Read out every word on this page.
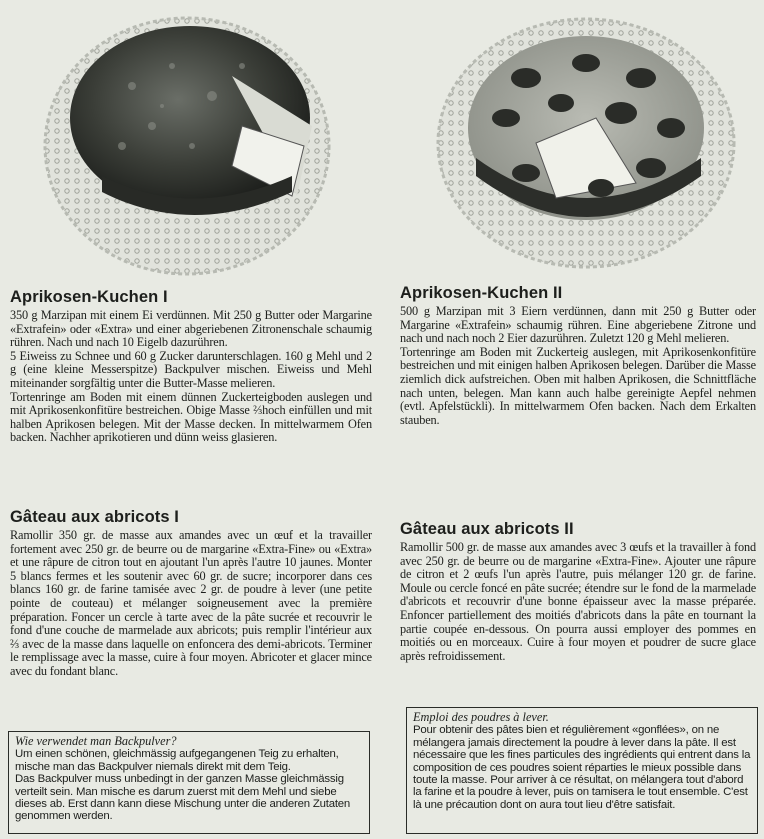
Aprikosen-Kuchen I

350 g Marzipan mit einem Ei verdünnen. Mit 250 g Butter oder Margarine «Extrafein» oder «Extra» und einer abgeriebenen Zitronenschale schaumig rühren. Nach und nach 10 Eigelb dazurühren.

5 Eiweiss zu Schnee und 60 g Zucker darunterschlagen. 160 g Mehl und 2 g (eine kleine Messerspitze) Backpulver mischen. Eiweiss und Mehl miteinander sorgfältig unter die Butter-Masse melieren.

Tortenringe am Boden mit einem dünnen Zuckerteigboden auslegen und mit Aprikosenkonfitüre bestreichen. Obige Masse ⅔hoch einfüllen und mit halben Aprikosen belegen. Mit der Masse decken. In mittelwarmem Ofen backen. Nachher aprikotieren und dünn weiss glasieren.

Gâteau aux abricots I

Ramollir 350 gr. de masse aux amandes avec un œuf et la travailler fortement avec 250 gr. de beurre ou de margarine «Extra-Fine» ou «Extra» et une râpure de citron tout en ajoutant l'un après l'autre 10 jaunes. Monter 5 blancs fermes et les soutenir avec 60 gr. de sucre; incorporer dans ces blancs 160 gr. de farine tamisée avec 2 gr. de poudre à lever (une petite pointe de couteau) et mélanger soigneusement avec la première préparation. Foncer un cercle à tarte avec de la pâte sucrée et recouvrir le fond d'une couche de marmelade aux abricots; puis remplir l'intérieur aux ⅔ avec de la masse dans laquelle on enfoncera des demi-abricots. Terminer le remplissage avec la masse, cuire à four moyen. Abricoter et glacer mince avec du fondant blanc.

Wie verwendet man Backpulver?

Um einen schönen, gleichmässig aufgegangenen Teig zu erhalten, mische man das Backpulver niemals direkt mit dem Teig.

Das Backpulver muss unbedingt in der ganzen Masse gleichmässig verteilt sein. Man mische es darum zuerst mit dem Mehl und siebe dieses ab. Erst dann kann diese Mischung unter die anderen Zutaten genommen werden.

Aprikosen-Kuchen II

500 g Marzipan mit 3 Eiern verdünnen, dann mit 250 g Butter oder Margarine «Extrafein» schaumig rühren. Eine abgeriebene Zitrone und nach und nach noch 2 Eier dazurühren. Zuletzt 120 g Mehl melieren.

Tortenringe am Boden mit Zuckerteig auslegen, mit Aprikosenkonfitüre bestreichen und mit einigen halben Aprikosen belegen. Darüber die Masse ziemlich dick aufstreichen. Oben mit halben Aprikosen, die Schnittfläche nach unten, belegen. Man kann auch halbe gereinigte Aepfel nehmen (evtl. Apfelstückli). In mittelwarmem Ofen backen. Nach dem Erkalten stauben.

Gâteau aux abricots II

Ramollir 500 gr. de masse aux amandes avec 3 œufs et la travailler à fond avec 250 gr. de beurre ou de margarine «Extra-Fine». Ajouter une râpure de citron et 2 œufs l'un après l'autre, puis mélanger 120 gr. de farine. Moule ou cercle foncé en pâte sucrée; étendre sur le fond de la marmelade d'abricots et recouvrir d'une bonne épaisseur avec la masse préparée. Enfoncer partiellement des moitiés d'abricots dans la pâte en tournant la partie coupée en-dessous. On pourra aussi employer des pommes en moitiés ou en morceaux. Cuire à four moyen et poudrer de sucre glace après refroidissement.

Emploi des poudres à lever.

Pour obtenir des pâtes bien et régulièrement «gonflées», on ne mélangera jamais directement la poudre à lever dans la pâte. Il est nécessaire que les fines particules des ingrédients qui entrent dans la composition de ces poudres soient réparties le mieux possible dans toute la masse. Pour arriver à ce résultat, on mélangera tout d'abord la farine et la poudre à lever, puis on tamisera le tout ensemble. C'est là une précaution dont on aura tout lieu d'être satisfait.
